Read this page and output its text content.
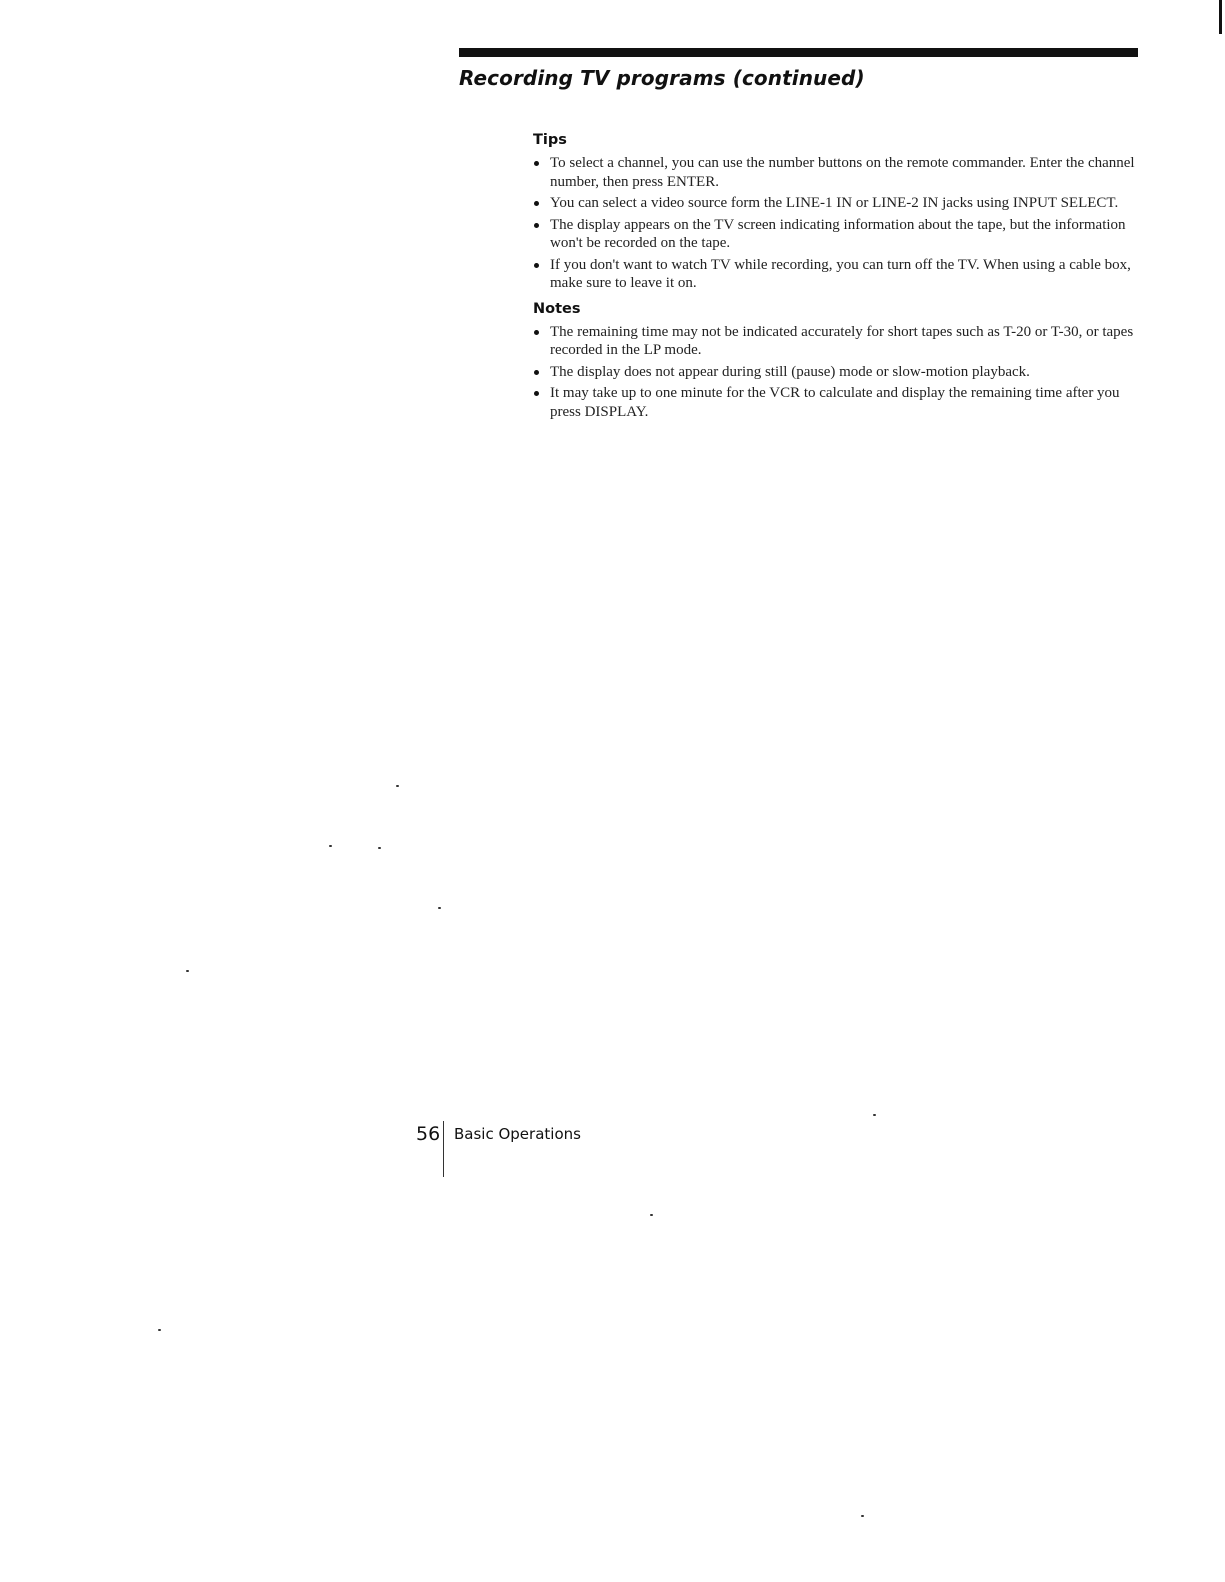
Recording TV programs (continued)
Tips
To select a channel, you can use the number buttons on the remote commander. Enter the channel number, then press ENTER.
You can select a video source form the LINE-1 IN or LINE-2 IN jacks using INPUT SELECT.
The display appears on the TV screen indicating information about the tape, but the information won't be recorded on the tape.
If you don't want to watch TV while recording, you can turn off the TV. When using a cable box, make sure to leave it on.
Notes
The remaining time may not be indicated accurately for short tapes such as T-20 or T-30, or tapes recorded in the LP mode.
The display does not appear during still (pause) mode or slow-motion playback.
It may take up to one minute for the VCR to calculate and display the remaining time after you press DISPLAY.
56 Basic Operations
